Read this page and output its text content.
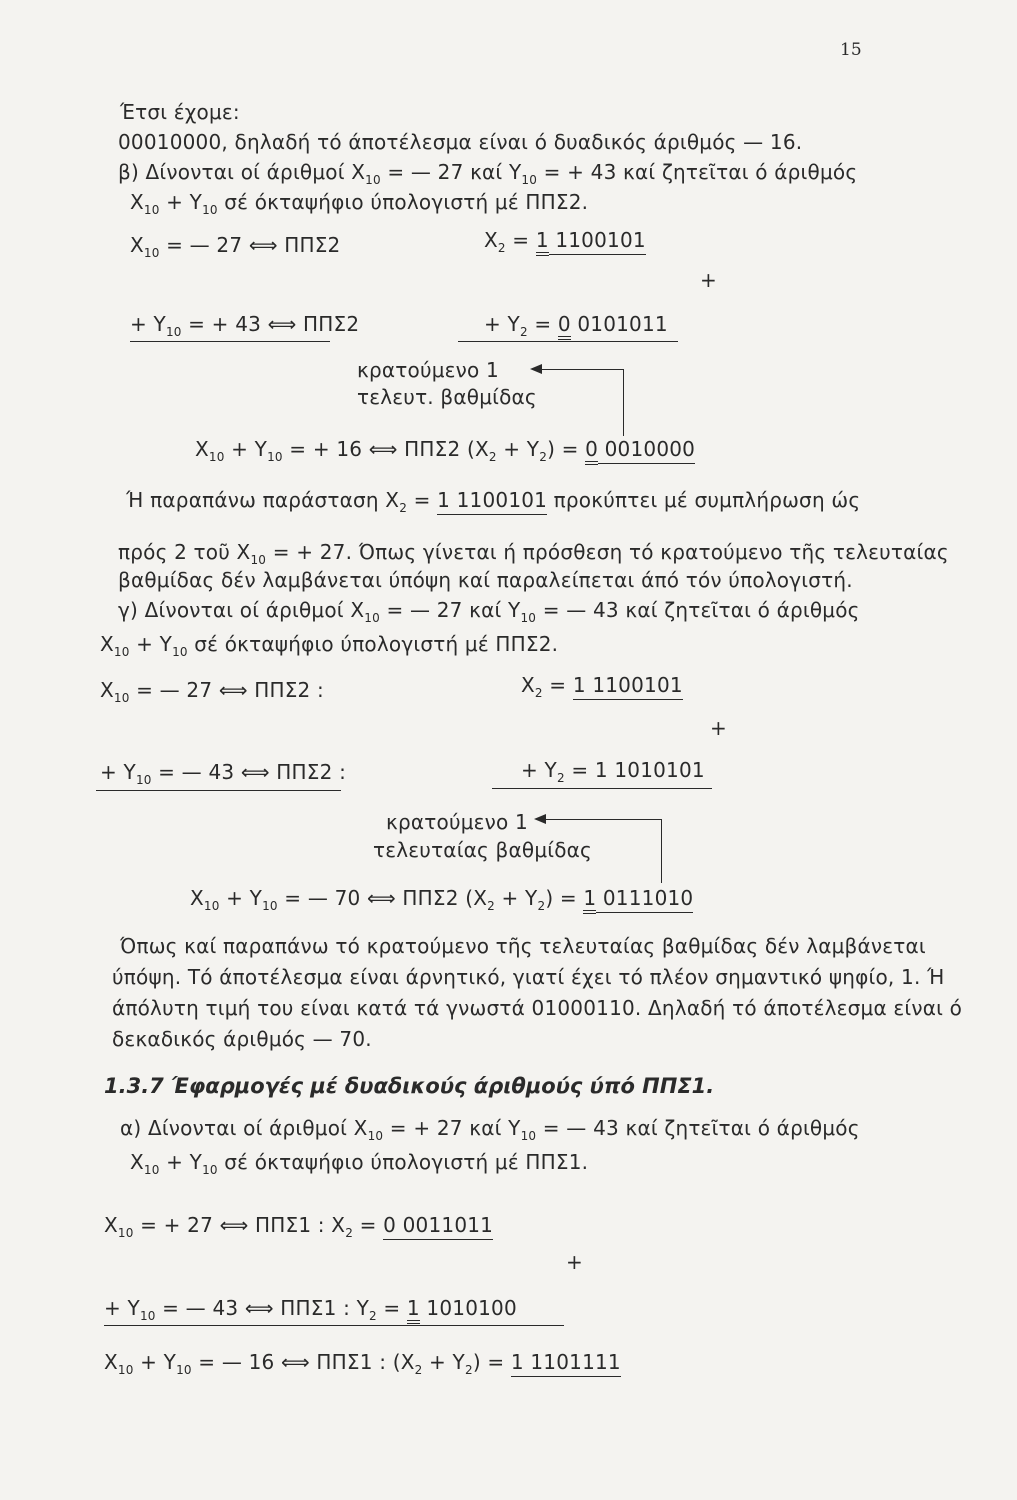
15
Έτσι έχομε:
00010000, δηλαδή τό άποτέλεσμα είναι ό δυαδικός άριθμός — 16.
β) Δίνονται οί άριθμοί $X_{10}$ = — 27 καί $Y_{10}$ = + 43 καί ζητεῖται ό άριθμός
$X_{10} + Y_{10}$ σέ όκταψήφιο ύπολογιστή μέ ΠΠΣ2.
$X_{10}$ = — 27 ⟺ ΠΠΣ2	$X_2 = 1$ 1100101
+
+ $Y_{10}$ = + 43 ⟺ ΠΠΣ2	+ $Y_2 = 0$ 0101011
κρατούμενο 1
τελευτ. βαθμίδας
$X_{10} + Y_{10}$ = + 16 ⟺ ΠΠΣ2 $(X_2 + Y_2) = 0$ 0010000
Ή παραπάνω παράσταση $X_2 = 1$ 1100101 προκύπτει μέ συμπλήρωση ώς
πρός 2 τοῦ $X_{10}$ = + 27. Όπως γίνεται ή πρόσθεση τό κρατούμενο τῆς τελευταίας
βαθμίδας δέν λαμβάνεται ύπόψη καί παραλείπεται άπό τόν ύπολογιστή.
γ) Δίνονται οί άριθμοί $X_{10}$ = — 27 καί $Y_{10}$ = — 43 καί ζητεῖται ό άριθμός
$X_{10} + Y_{10}$ σέ όκταψήφιο ύπολογιστή μέ ΠΠΣ2.
$X_{10}$ = — 27 ⟺ ΠΠΣ2 :	$X_2 = 1$ 1100101
+
+ $Y_{10}$ = — 43 ⟺ ΠΠΣ2 :	+ $Y_2 = 1$ 1010101
κρατούμενο 1
τελευταίας βαθμίδας
$X_{10} + Y_{10}$ = — 70 ⟺ ΠΠΣ2 $(X_2 + Y_2) = 1$ 0111010
Όπως καί παραπάνω τό κρατούμενο τῆς τελευταίας βαθμίδας δέν λαμβάνεται
ύπόψη. Τό άποτέλεσμα είναι άρνητικό, γιατί έχει τό πλέον σημαντικό ψηφίο, 1. Ή
άπόλυτη τιμή του είναι κατά τά γνωστά 01000110. Δηλαδή τό άποτέλεσμα είναι ό
δεκαδικός άριθμός — 70.
1.3.7 Έφαρμογές μέ δυαδικούς άριθμούς ύπό ΠΠΣ1.
α) Δίνονται οί άριθμοί $X_{10}$ = + 27 καί $Y_{10}$ = — 43 καί ζητεῖται ό άριθμός
$X_{10} + Y_{10}$ σέ όκταψήφιο ύπολογιστή μέ ΠΠΣ1.
$X_{10}$ = + 27 ⟺ ΠΠΣ1 : $X_2 = 0$ 0011011
+
+ $Y_{10}$ = — 43 ⟺ ΠΠΣ1 : $Y_2 = 1$ 1010100
$X_{10} + Y_{10}$ = — 16 ⟺ ΠΠΣ1 : $(X_2 + Y_2) = 1$ 1101111
